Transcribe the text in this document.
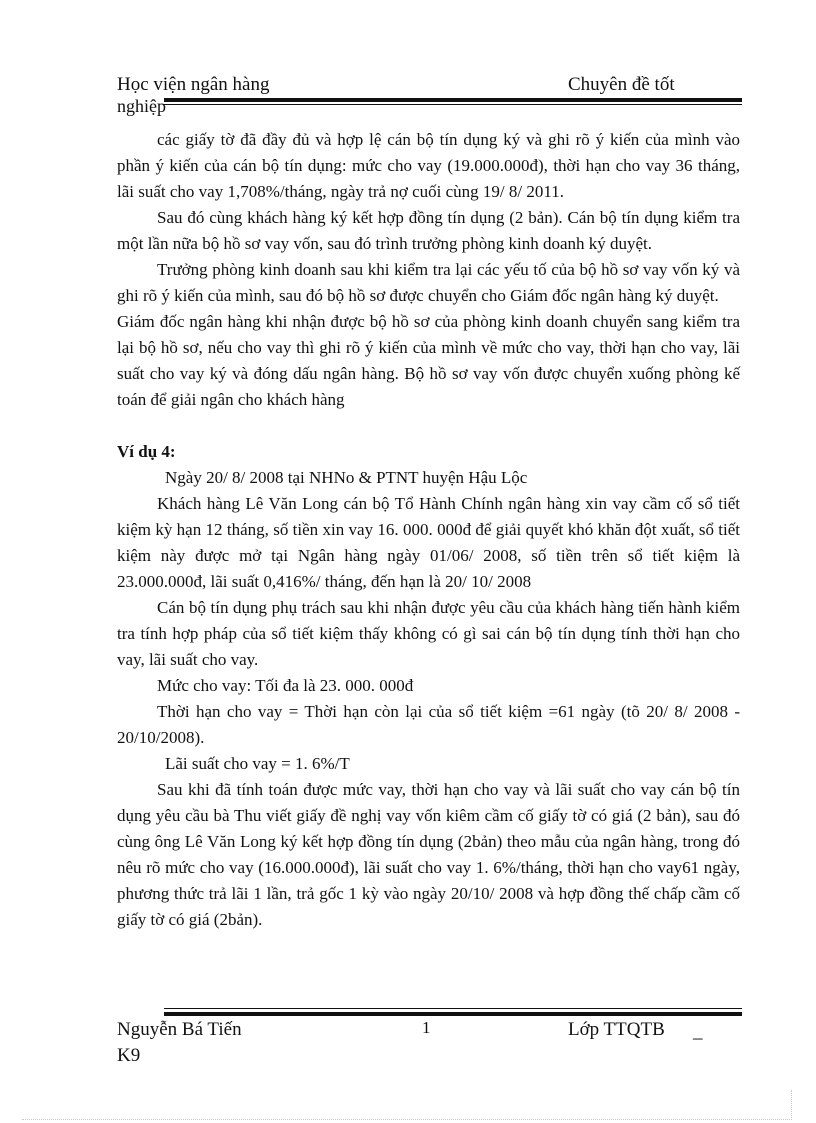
Học viện ngân hàng	Chuyên đề tốt
nghiệp

các giấy tờ đã đầy đủ và hợp lệ cán bộ tín dụng ký và ghi rõ ý kiến của mình vào phần ý kiến của cán bộ tín dụng: mức cho vay (19.000.000đ), thời hạn cho vay 36 tháng, lãi suất cho vay 1,708%/tháng, ngày trả nợ cuối cùng 19/ 8/ 2011.

Sau đó cùng khách hàng ký kết hợp đồng tín dụng (2 bản). Cán bộ tín dụng kiểm tra một lần nữa bộ hồ sơ vay vốn, sau đó trình trưởng phòng kinh doanh ký duyệt.

Trưởng phòng kinh doanh sau khi kiểm tra lại các yếu tố của bộ hồ sơ vay vốn ký và ghi rõ ý kiến của mình, sau đó bộ hồ sơ được chuyển cho Giám đốc ngân hàng ký duyệt.

Giám đốc ngân hàng khi nhận được bộ hồ sơ của phòng kinh doanh chuyển sang kiểm tra lại bộ hồ sơ, nếu cho vay thì ghi rõ ý kiến của mình về mức cho vay, thời hạn cho vay, lãi suất cho vay ký và đóng dấu ngân hàng. Bộ hồ sơ vay vốn được chuyển xuống phòng kế toán để giải ngân cho khách hàng

Ví dụ 4:

Ngày 20/ 8/ 2008 tại NHNo & PTNT huyện Hậu Lộc

Khách hàng Lê Văn Long cán bộ Tổ Hành Chính ngân hàng xin vay cầm cố sổ tiết kiệm kỳ hạn 12 tháng, số tiền xin vay 16. 000. 000đ để giải quyết khó khăn đột xuất, sổ tiết kiệm này được mở tại Ngân hàng ngày 01/06/ 2008, số tiền trên sổ tiết kiệm là 23.000.000đ, lãi suất 0,416%/ tháng, đến hạn là 20/ 10/ 2008

Cán bộ tín dụng phụ trách sau khi nhận được yêu cầu của khách hàng tiến hành kiểm tra tính hợp pháp của sổ tiết kiệm thấy không có gì sai cán bộ tín dụng tính thời hạn cho vay, lãi suất cho vay.

Mức cho vay: Tối đa là 23. 000. 000đ

Thời hạn cho vay = Thời hạn còn lại của sổ tiết kiệm =61 ngày (tõ 20/ 8/ 2008 - 20/10/2008).

Lãi suất cho vay = 1. 6%/T

Sau khi đã tính toán được mức vay, thời hạn cho vay và lãi suất cho vay cán bộ tín dụng yêu cầu bà Thu viết giấy đề nghị vay vốn kiêm cầm cố giấy tờ có giá (2 bản), sau đó cùng ông Lê Văn Long ký kết hợp đồng tín dụng (2bản) theo mẫu của ngân hàng, trong đó nêu rõ mức cho vay (16.000.000đ), lãi suất cho vay 1. 6%/tháng, thời hạn cho vay61 ngày, phương thức trả lãi 1 lần, trả gốc 1 kỳ vào ngày 20/10/ 2008 và hợp đồng thế chấp cầm cố giấy tờ có giá (2bản).

Nguyễn Bá Tiến	1	Lớp TTQTB _
K9
